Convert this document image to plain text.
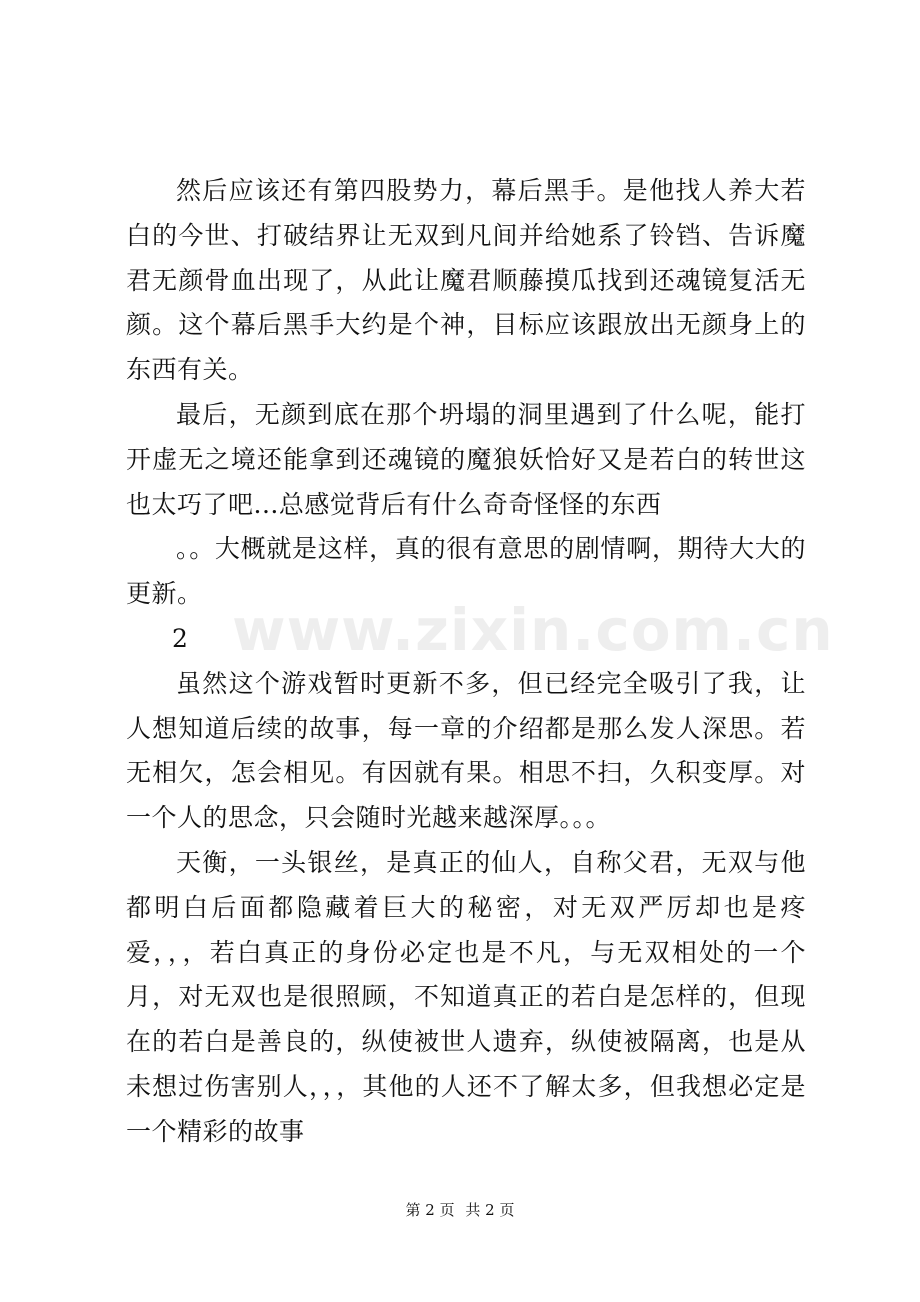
www.zixin.com.cn

然后应该还有第四股势力，幕后黑手。是他找人养大若白的今世、打破结界让无双到凡间并给她系了铃铛、告诉魔君无颜骨血出现了，从此让魔君顺藤摸瓜找到还魂镜复活无颜。这个幕后黑手大约是个神，目标应该跟放出无颜身上的东西有关。

最后，无颜到底在那个坍塌的洞里遇到了什么呢，能打开虚无之境还能拿到还魂镜的魔狼妖恰好又是若白的转世这也太巧了吧...总感觉背后有什么奇奇怪怪的东西

。。大概就是这样，真的很有意思的剧情啊，期待大大的更新。

2

虽然这个游戏暂时更新不多，但已经完全吸引了我，让人想知道后续的故事，每一章的介绍都是那么发人深思。若无相欠，怎会相见。有因就有果。相思不扫，久积变厚。对一个人的思念，只会随时光越来越深厚。。。

天衡，一头银丝，是真正的仙人，自称父君，无双与他都明白后面都隐藏着巨大的秘密，对无双严厉却也是疼爱，，，若白真正的身份必定也是不凡，与无双相处的一个月，对无双也是很照顾，不知道真正的若白是怎样的，但现在的若白是善良的，纵使被世人遗弃，纵使被隔离，也是从未想过伤害别人，，，其他的人还不了解太多，但我想必定是一个精彩的故事

第 2 页 共 2 页
